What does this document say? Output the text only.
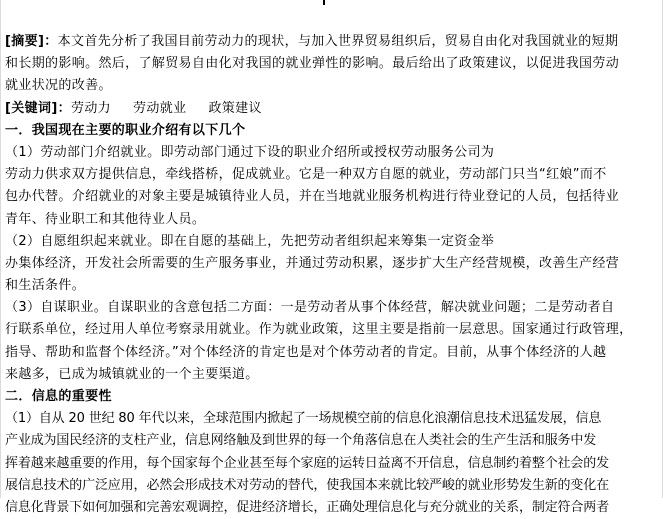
[摘要]：本文首先分析了我国目前劳动力的现状，与加入世界贸易组织后，贸易自由化对我国就业的短期
和长期的影响。然后，了解贸易自由化对我国的就业弹性的影响。最后给出了政策建议，以促进我国劳动
就业状况的改善。
[关键词]：劳动力 劳动就业 政策建议
一．我国现在主要的职业介绍有以下几个
（1）劳动部门介绍就业。即劳动部门通过下设的职业介绍所或授权劳动服务公司为
劳动力供求双方提供信息，牵线搭桥，促成就业。它是一种双方自愿的就业，劳动部门只当“红娘”而不
包办代替。介绍就业的对象主要是城镇待业人员，并在当地就业服务机构进行待业登记的人员，包括待业
青年、待业职工和其他待业人员。
（2）自愿组织起来就业。即在自愿的基础上，先把劳动者组织起来筹集一定资金举
办集体经济，开发社会所需要的生产服务事业，并通过劳动积累，逐步扩大生产经营规模，改善生产经营
和生活条件。
（3）自谋职业。自谋职业的含意包括二方面：一是劳动者从事个体经营，解决就业问题；二是劳动者自
行联系单位，经过用人单位考察录用就业。作为就业政策，这里主要是指前一层意思。国家通过行政管理，
指导、帮助和监督个体经济。”对个体经济的肯定也是对个体劳动者的肯定。目前，从事个体经济的人越
来越多，已成为城镇就业的一个主要渠道。
二．信息的重要性
（1）自从 20 世纪 80 年代以来，全球范围内掀起了一场规模空前的信息化浪潮信息技术迅猛发展，信息
产业成为国民经济的支柱产业，信息网络触及到世界的每一个角落信息在人类社会的生产生活和服务中发
挥着越来越重要的作用，每个国家每个企业甚至每个家庭的运转日益离不开信息，信息制约着整个社会的发
展信息技术的广泛应用，必然会形成技术对劳动的替代，使我国本来就比较严峻的就业形势发生新的变化在
信息化背景下如何加强和完善宏观调控，促进经济增长，正确处理信息化与充分就业的关系，制定符合两者
